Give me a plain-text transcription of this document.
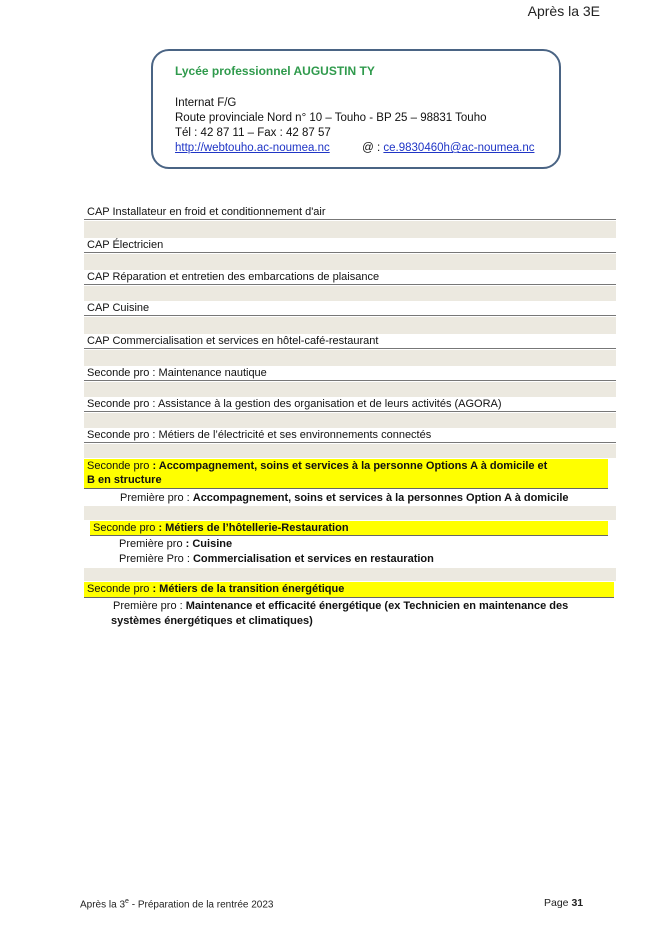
Après la 3E
Lycée professionnel AUGUSTIN TY
Internat F/G
Route provinciale Nord n° 10 – Touho - BP 25 – 98831 Touho
Tél : 42 87 11 – Fax : 42 87 57
http://webtouho.ac-noumea.nc	@ : ce.9830460h@ac-noumea.nc
CAP Installateur en froid et conditionnement d'air
CAP Électricien
CAP Réparation et entretien des embarcations de plaisance
CAP Cuisine
CAP Commercialisation et services en hôtel-café-restaurant
Seconde pro : Maintenance nautique
Seconde pro : Assistance à la gestion des organisation et de leurs activités (AGORA)
Seconde pro : Métiers de l’électricité et ses environnements connectés
Seconde pro : Accompagnement, soins et services à la personne Options A à domicile et
B en structure
Première pro : Accompagnement, soins et services à la personnes Option A à domicile
Seconde pro : Métiers de l’hôtellerie-Restauration
Première pro : Cuisine
Première Pro : Commercialisation et services en restauration
Seconde pro : Métiers de la transition énergétique
Première pro : Maintenance et efficacité énergétique (ex Technicien en maintenance des
systèmes énergétiques et climatiques)
Après la 3e - Préparation de la rentrée 2023	Page 31
